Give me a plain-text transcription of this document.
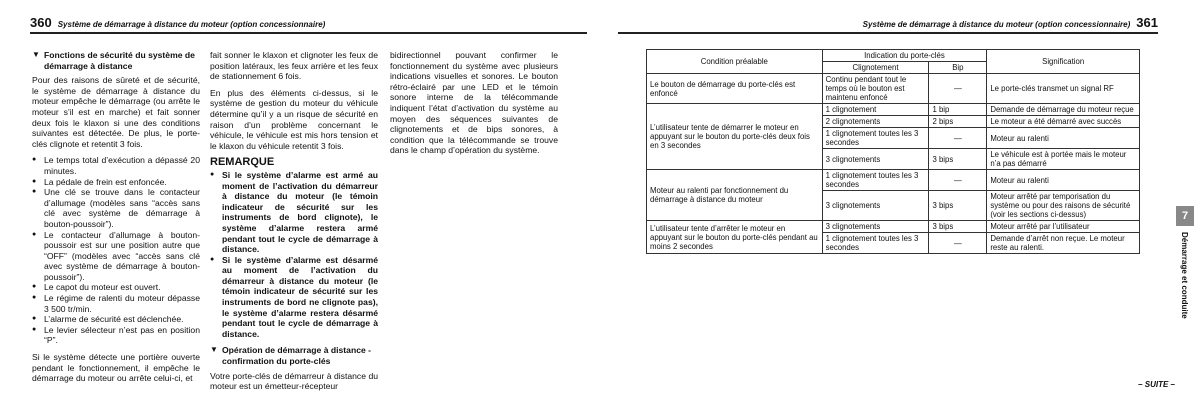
360 Système de démarrage à distance du moteur (option concessionnaire)
▼ Fonctions de sécurité du système de démarrage à distance

Pour des raisons de sûreté et de sécurité, le système de démarrage à distance du moteur empêche le démarrage (ou arrête le moteur s’il est en marche) et fait sonner deux fois le klaxon si une des conditions suivantes est détectée. De plus, le porte-clés clignote et retentit 3 fois.

● Le temps total d’exécution a dépassé 20 minutes.
● La pédale de frein est enfoncée.
● Une clé se trouve dans le contacteur d’allumage (modèles sans “accès sans clé avec système de démarrage à bouton-poussoir”).
● Le contacteur d’allumage à bouton-poussoir est sur une position autre que “OFF” (modèles avec “accès sans clé avec système de démarrage à bouton-poussoir”).
● Le capot du moteur est ouvert.
● Le régime de ralenti du moteur dépasse 3 500 tr/min.
● L’alarme de sécurité est déclenchée.
● Le levier sélecteur n’est pas en position “P”.

Si le système détecte une portière ouverte pendant le fonctionnement, il empêche le démarrage du moteur ou arrête celui-ci, et

fait sonner le klaxon et clignoter les feux de position latéraux, les feux arrière et les feux de stationnement 6 fois.

En plus des éléments ci-dessus, si le système de gestion du moteur du véhicule détermine qu’il y a un risque de sécurité en raison d’un problème concernant le véhicule, le véhicule est mis hors tension et le klaxon du véhicule retentit 3 fois.

REMARQUE
● Si le système d’alarme est armé au moment de l’activation du démarreur à distance du moteur (le témoin indicateur de sécurité sur les instruments de bord clignote), le système d’alarme restera armé pendant tout le cycle de démarrage à distance.
● Si le système d’alarme est désarmé au moment de l’activation du démarreur à distance du moteur (le témoin indicateur de sécurité sur les instruments de bord ne clignote pas), le système d’alarme restera désarmé pendant tout le cycle de démarrage à distance.
▼ Opération de démarrage à distance - confirmation du porte-clés

Votre porte-clés de démarreur à distance du moteur est un émetteur-récepteur

bidirectionnel pouvant confirmer le fonctionnement du système avec plusieurs indications visuelles et sonores. Le bouton rétro-éclairé par une LED et le témoin sonore interne de la télécommande indiquent l’état d’activation du système au moyen des séquences suivantes de clignotements et de bips sonores, à condition que la télécommande se trouve dans le champ d’opération du système.

Système de démarrage à distance du moteur (option concessionnaire) 361
Condition préalable	Indication du porte-clés		Signification
	Clignotement	Bip	
Le bouton de démarrage du porte-clés est enfoncé	Continu pendant tout le temps où le bouton est maintenu enfoncé	—	Le porte-clés transmet un signal RF
L’utilisateur tente de démarrer le moteur en appuyant sur le bouton du porte-clés deux fois en 3 secondes	1 clignotement	1 bip	Demande de démarrage du moteur reçue
	2 clignotements	2 bips	Le moteur a été démarré avec succès
	1 clignotement toutes les 3 secondes	—	Moteur au ralenti
	3 clignotements	3 bips	Le véhicule est à portée mais le moteur n’a pas démarré
Moteur au ralenti par fonctionnement du démarrage à distance du moteur	1 clignotement toutes les 3 secondes	—	Moteur au ralenti
	3 clignotements	3 bips	Moteur arrêté par temporisation du système ou pour des raisons de sécurité (voir les sections ci-dessus)
L’utilisateur tente d’arrêter le moteur en appuyant sur le bouton du porte-clés pendant au moins 2 secondes	3 clignotements	3 bips	Moteur arrêté par l’utilisateur
	1 clignotement toutes les 3 secondes	—	Demande d’arrêt non reçue. Le moteur reste au ralenti.
7
Démarrage et conduite
– SUITE –
